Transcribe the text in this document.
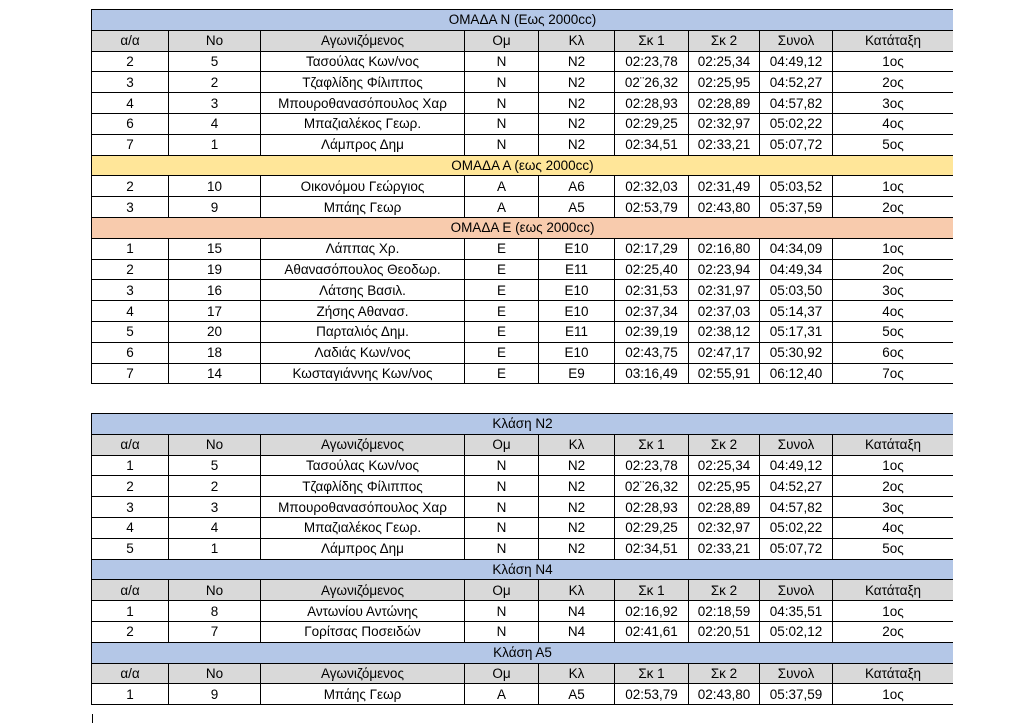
ΟΜΑΔΑ Ν (Εως 2000cc)								
α/α	Νο	Αγωνιζόμενος	Ομ	Κλ	Σκ 1	Σκ 2	Συνολ	Κατάταξη
2	5	Τασούλας Κων/νος	Ν	Ν2	02:23,78	02:25,34	04:49,12	1ος
3	2	Τζαφλίδης Φίλιππος	Ν	Ν2	02¨26,32	02:25,95	04:52,27	2ος
4	3	Μπουροθανασόπουλος Χαρ	Ν	Ν2	02:28,93	02:28,89	04:57,82	3ος
6	4	Μπαζιαλέκος Γεωρ.	Ν	Ν2	02:29,25	02:32,97	05:02,22	4ος
7	1	Λάμπρος Δημ	Ν	Ν2	02:34,51	02:33,21	05:07,72	5ος
ΟΜΑΔΑ Α (εως 2000cc)								
2	10	Οικονόμου Γεώργιος	Α	Α6	02:32,03	02:31,49	05:03,52	1ος
3	9	Μπάης Γεωρ	Α	Α5	02:53,79	02:43,80	05:37,59	2ος
ΟΜΑΔΑ Ε (εως 2000cc)								
1	15	Λάππας Χρ.	Ε	Ε10	02:17,29	02:16,80	04:34,09	1ος
2	19	Αθανασόπουλος Θεοδωρ.	Ε	Ε11	02:25,40	02:23,94	04:49,34	2ος
3	16	Λάτσης Βασιλ.	Ε	Ε10	02:31,53	02:31,97	05:03,50	3ος
4	17	Ζήσης Αθανασ.	Ε	Ε10	02:37,34	02:37,03	05:14,37	4ος
5	20	Παρταλιός Δημ.	Ε	Ε11	02:39,19	02:38,12	05:17,31	5ος
6	18	Λαδιάς Κων/νος	Ε	Ε10	02:43,75	02:47,17	05:30,92	6ος
7	14	Κωσταγιάννης Κων/νος	Ε	Ε9	03:16,49	02:55,91	06:12,40	7ος
Κλάση Ν2								
α/α	Νο	Αγωνιζόμενος	Ομ	Κλ	Σκ 1	Σκ 2	Συνολ	Κατάταξη
1	5	Τασούλας Κων/νος	Ν	Ν2	02:23,78	02:25,34	04:49,12	1ος
2	2	Τζαφλίδης Φίλιππος	Ν	Ν2	02¨26,32	02:25,95	04:52,27	2ος
3	3	Μπουροθανασόπουλος Χαρ	Ν	Ν2	02:28,93	02:28,89	04:57,82	3ος
4	4	Μπαζιαλέκος Γεωρ.	Ν	Ν2	02:29,25	02:32,97	05:02,22	4ος
5	1	Λάμπρος Δημ	Ν	Ν2	02:34,51	02:33,21	05:07,72	5ος
Κλάση Ν4								
α/α	Νο	Αγωνιζόμενος	Ομ	Κλ	Σκ 1	Σκ 2	Συνολ	Κατάταξη
1	8	Αντωνίου Αντώνης	Ν	Ν4	02:16,92	02:18,59	04:35,51	1ος
2	7	Γορίτσας Ποσειδών	Ν	Ν4	02:41,61	02:20,51	05:02,12	2ος
Κλάση Α5								
α/α	Νο	Αγωνιζόμενος	Ομ	Κλ	Σκ 1	Σκ 2	Συνολ	Κατάταξη
1	9	Μπάης Γεωρ	Α	Α5	02:53,79	02:43,80	05:37,59	1ος
